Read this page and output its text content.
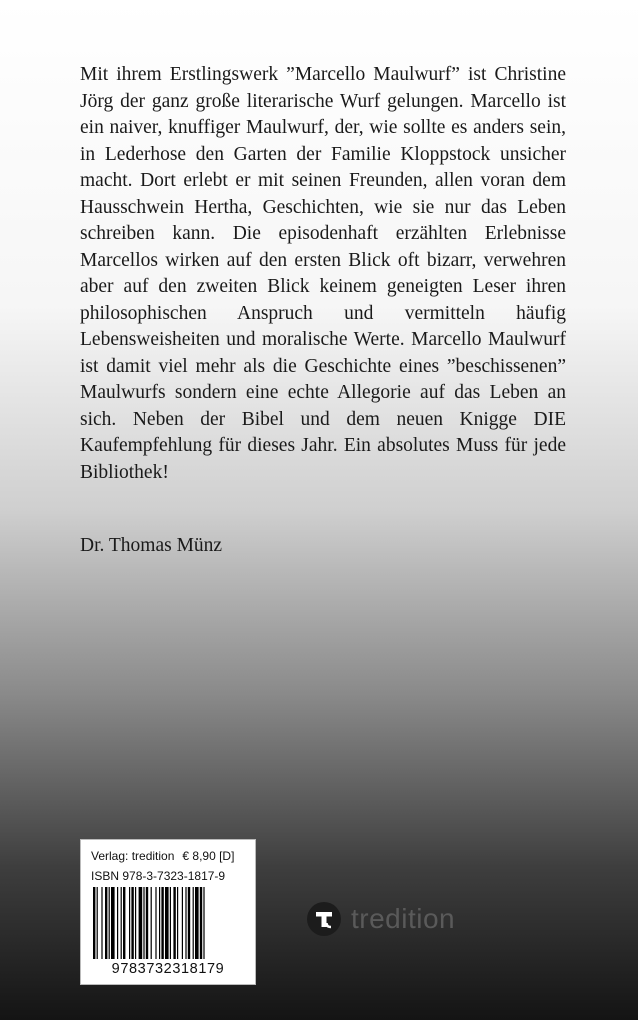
Mit ihrem Erstlingswerk ”Marcello Maulwurf” ist Christine Jörg der ganz große literarische Wurf gelungen. Marcello ist ein naiver, knuffiger Maulwurf, der, wie sollte es anders sein, in Lederhose den Garten der Familie Kloppstock unsicher macht. Dort erlebt er mit seinen Freunden, allen voran dem Hausschwein Hertha, Geschichten, wie sie nur das Leben schreiben kann. Die episodenhaft erzählten Erlebnisse Marcellos wirken auf den ersten Blick oft bizarr, verwehren aber auf den zweiten Blick keinem geneigten Leser ihren philosophischen Anspruch und vermitteln häufig Lebensweisheiten und moralische Werte. Marcello Maulwurf ist damit viel mehr als die Geschichte eines ”beschissenen” Maulwurfs sondern eine echte Allegorie auf das Leben an sich. Neben der Bibel und dem neuen Knigge DIE Kaufempfehlung für dieses Jahr. Ein absolutes Muss für jede Bibliothek!

Dr. Thomas Münz

Verlag: tredition € 8,90 [D]
ISBN 978-3-7323-1817-9
9783732318179
tredition
